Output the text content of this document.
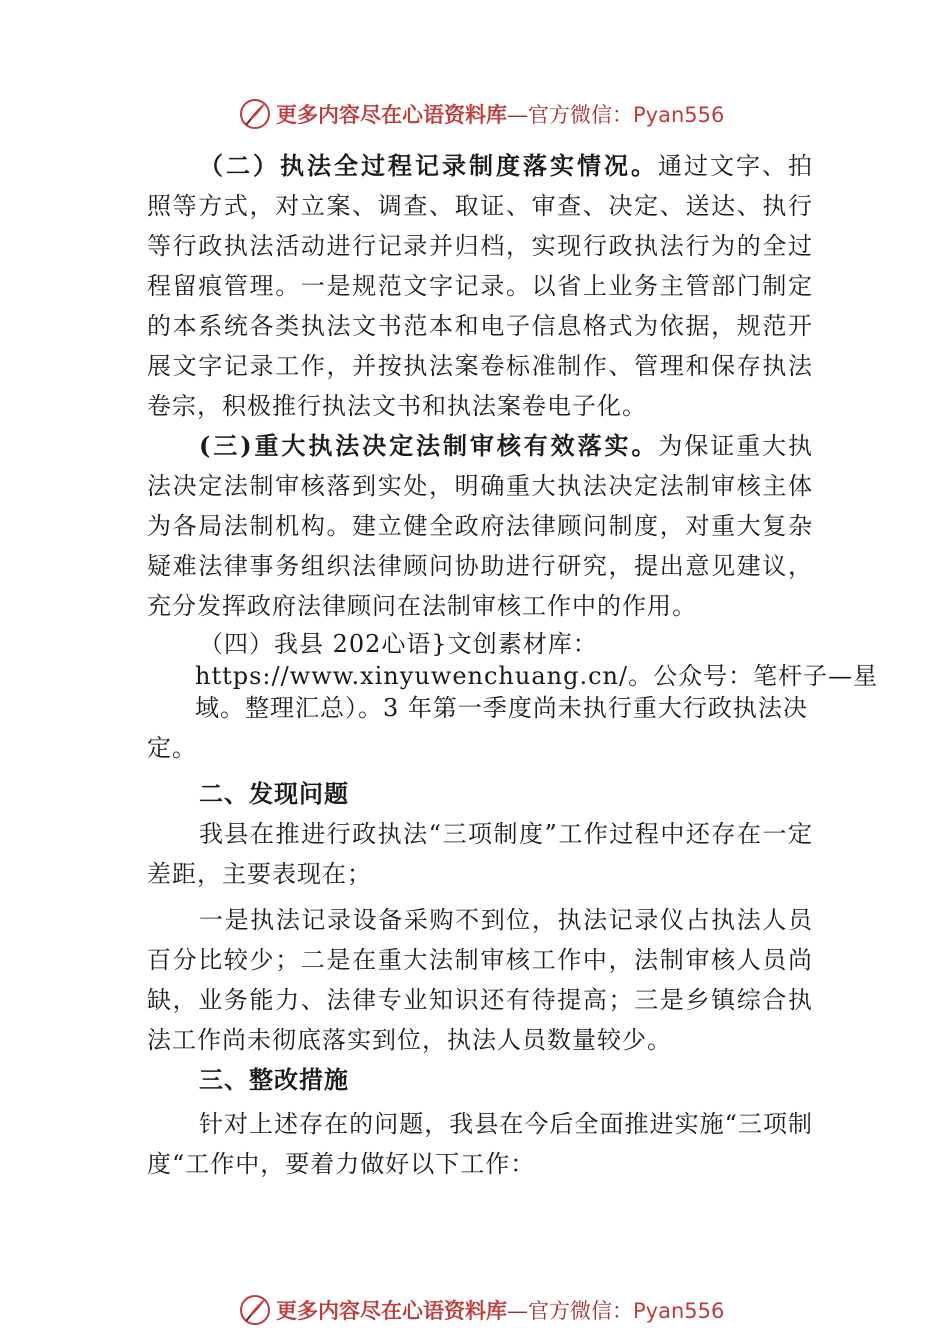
更多内容尽在心语资料库—官方微信：Pyan556

（二）执法全过程记录制度落实情况。通过文字、拍照等方式，对立案、调查、取证、审查、决定、送达、执行等行政执法活动进行记录并归档，实现行政执法行为的全过程留痕管理。一是规范文字记录。以省上业务主管部门制定的本系统各类执法文书范本和电子信息格式为依据，规范开展文字记录工作，并按执法案卷标准制作、管理和保存执法卷宗，积极推行执法文书和执法案卷电子化。

(三)重大执法决定法制审核有效落实。为保证重大执法决定法制审核落到实处，明确重大执法决定法制审核主体为各局法制机构。建立健全政府法律顾问制度，对重大复杂疑难法律事务组织法律顾问协助进行研究，提出意见建议，充分发挥政府法律顾问在法制审核工作中的作用。

（四）我县 202心语}文创素材库：
https://www.xinyuwenchuang.cn/。公众号：笔杆子—星
域。整理汇总）。3 年第一季度尚未执行重大行政执法决

定。

二、发现问题

我县在推进行政执法“三项制度”工作过程中还存在一定差距，主要表现在；

一是执法记录设备采购不到位，执法记录仪占执法人员百分比较少；二是在重大法制审核工作中，法制审核人员尚缺，业务能力、法律专业知识还有待提高；三是乡镇综合执法工作尚未彻底落实到位，执法人员数量较少。

三、整改措施

针对上述存在的问题，我县在今后全面推进实施“三项制度“工作中，要着力做好以下工作：

更多内容尽在心语资料库—官方微信：Pyan556
